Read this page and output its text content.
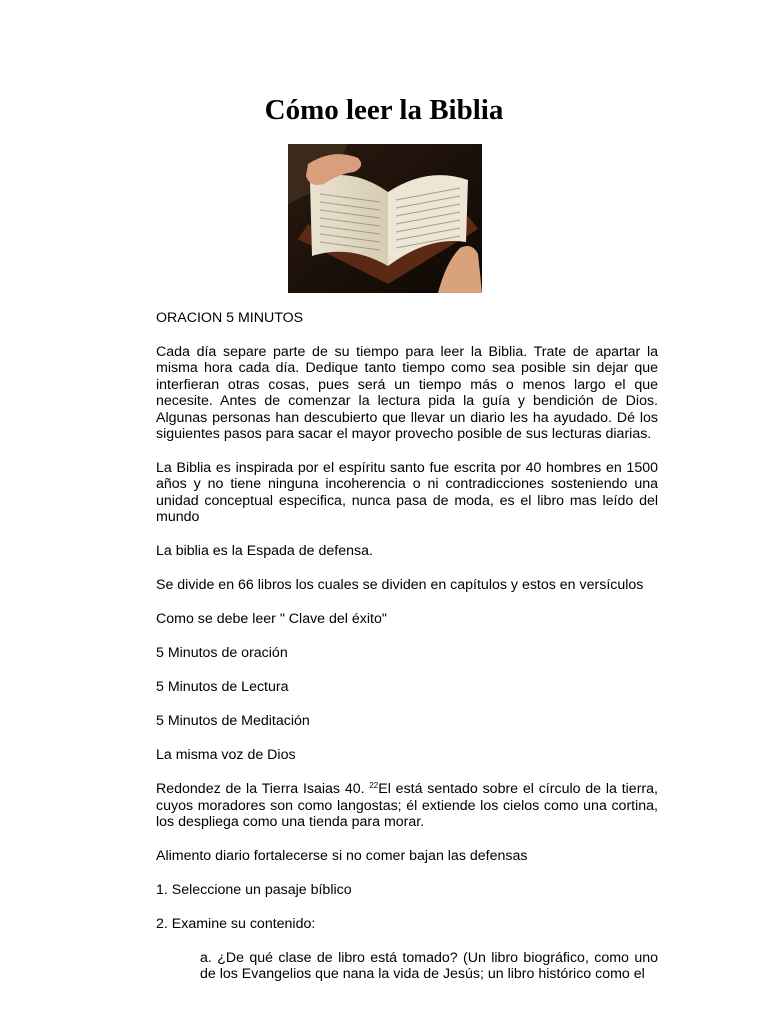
Cómo leer la Biblia

ORACION 5 MINUTOS

Cada día separe parte de su tiempo para leer la Biblia. Trate de apartar la misma hora cada día. Dedique tanto tiempo como sea posible sin dejar que interfieran otras cosas, pues será un tiempo más o menos largo el que necesite. Antes de comenzar la lectura pida la guía y bendición de Dios. Algunas personas han descubierto que llevar un diario les ha ayudado. Dé los siguientes pasos para sacar el mayor provecho posible de sus lecturas diarias.

La Biblia es inspirada por el espíritu santo fue escrita por 40 hombres en 1500 años y no tiene ninguna incoherencia o ni contradicciones sosteniendo una unidad conceptual especifica, nunca pasa de moda, es el libro mas leído del mundo

La biblia es la Espada de defensa.

Se divide en 66 libros los cuales se dividen en capítulos y estos en versículos

Como se debe leer " Clave del éxito"

5 Minutos de oración

5 Minutos de Lectura

5 Minutos de Meditación

La misma voz de Dios

Redondez de la Tierra Isaias 40. $^{22}$El está sentado sobre el círculo de la tierra, cuyos moradores son como langostas; él extiende los cielos como una cortina, los despliega como una tienda para morar.

Alimento diario fortalecerse si no comer bajan las defensas

1. Seleccione un pasaje bíblico

2. Examine su contenido:

a. ¿De qué clase de libro está tomado? (Un libro biográfico, como uno de los Evangelios que nana la vida de Jesús; un libro histórico como el
